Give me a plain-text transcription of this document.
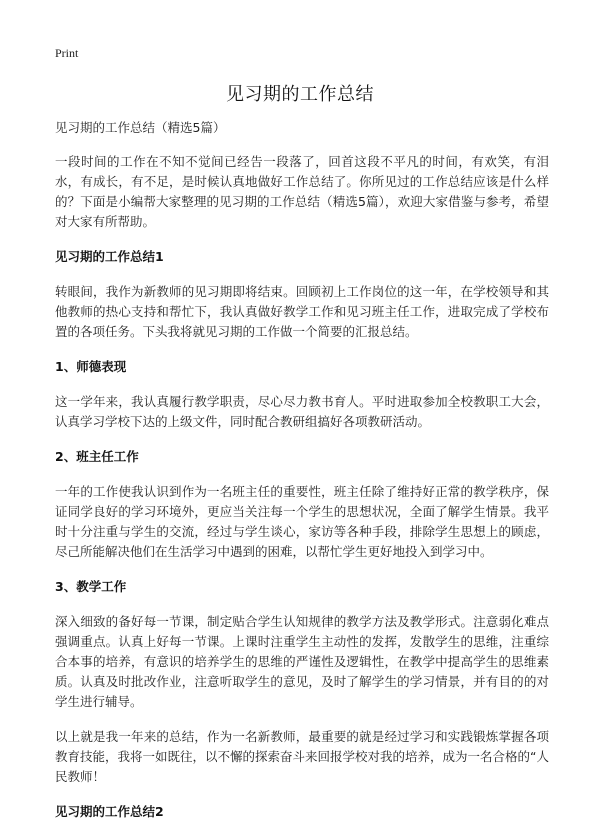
Print
见习期的工作总结

见习期的工作总结（精选5篇）

一段时间的工作在不知不觉间已经告一段落了，回首这段不平凡的时间，有欢笑，有泪水，有成长，有不足，是时候认真地做好工作总结了。你所见过的工作总结应该是什么样的？下面是小编帮大家整理的见习期的工作总结（精选5篇），欢迎大家借鉴与参考，希望对大家有所帮助。

见习期的工作总结1

转眼间，我作为新教师的见习期即将结束。回顾初上工作岗位的这一年，在学校领导和其他教师的热心支持和帮忙下，我认真做好教学工作和见习班主任工作，进取完成了学校布置的各项任务。下头我将就见习期的工作做一个简要的汇报总结。

1、师德表现

这一学年来，我认真履行教学职责，尽心尽力教书育人。平时进取参加全校教职工大会，认真学习学校下达的上级文件，同时配合教研组搞好各项教研活动。

2、班主任工作

一年的工作使我认识到作为一名班主任的重要性，班主任除了维持好正常的教学秩序，保证同学良好的学习环境外，更应当关注每一个学生的思想状况，全面了解学生情景。我平时十分注重与学生的交流，经过与学生谈心，家访等各种手段，排除学生思想上的顾虑，尽己所能解决他们在生活学习中遇到的困难，以帮忙学生更好地投入到学习中。

3、教学工作

深入细致的备好每一节课，制定贴合学生认知规律的教学方法及教学形式。注意弱化难点强调重点。认真上好每一节课。上课时注重学生主动性的发挥，发散学生的思维，注重综合本事的培养，有意识的培养学生的思维的严谨性及逻辑性，在教学中提高学生的思维素质。认真及时批改作业，注意听取学生的意见，及时了解学生的学习情景，并有目的的对学生进行辅导。

以上就是我一年来的总结，作为一名新教师，最重要的就是经过学习和实践锻炼掌握各项教育技能，我将一如既往，以不懈的探索奋斗来回报学校对我的培养，成为一名合格的“人民教师！

见习期的工作总结2
